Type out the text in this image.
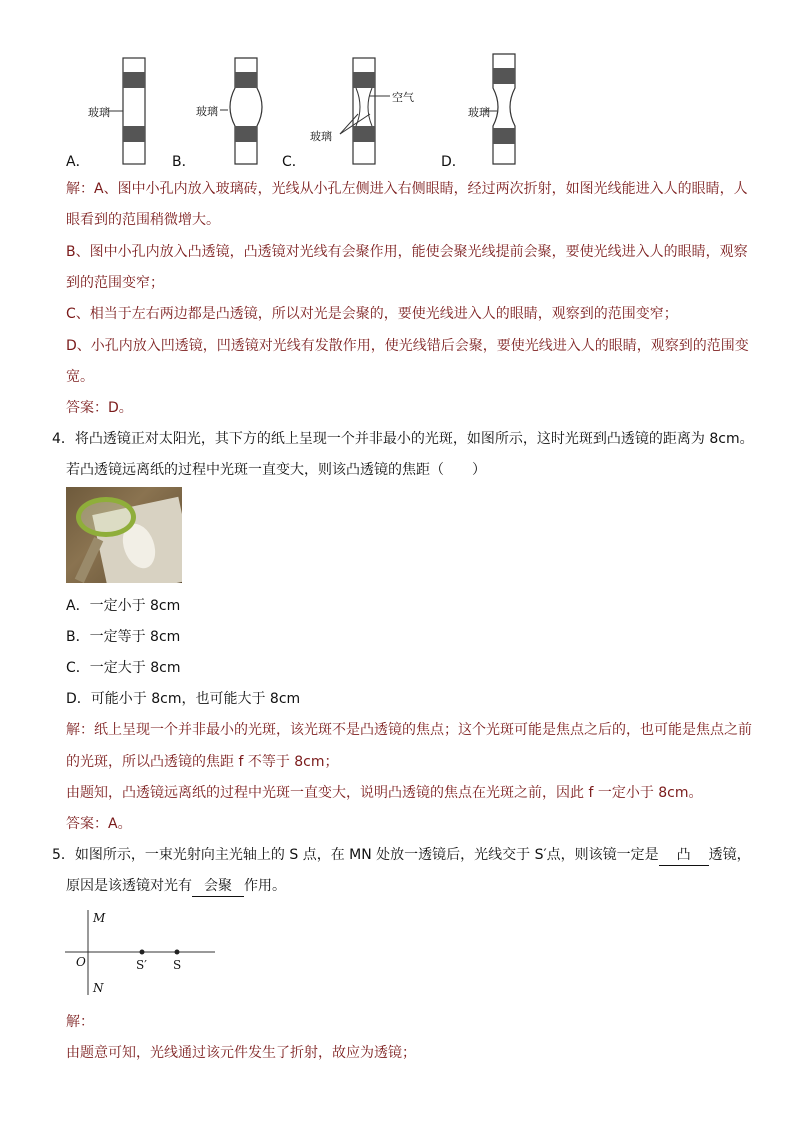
玻璃	玻璃
空气
玻璃
玻璃
A．	B．	C．	D．
解：A、图中小孔内放入玻璃砖，光线从小孔左侧进入右侧眼睛，经过两次折射，如图光线能进入人的眼睛，人
眼看到的范围稍微增大。
B、图中小孔内放入凸透镜，凸透镜对光线有会聚作用，能使会聚光线提前会聚，要使光线进入人的眼睛，观察
到的范围变窄；
C、相当于左右两边都是凸透镜，所以对光是会聚的，要使光线进入人的眼睛，观察到的范围变窄；
D、小孔内放入凹透镜，凹透镜对光线有发散作用，使光线错后会聚，要使光线进入人的眼睛，观察到的范围变
宽。
答案：D。
4．将凸透镜正对太阳光，其下方的纸上呈现一个并非最小的光斑，如图所示，这时光斑到凸透镜的距离为 8cm。
若凸透镜远离纸的过程中光斑一直变大，则该凸透镜的焦距（　　）
A．一定小于 8cm
B．一定等于 8cm
C．一定大于 8cm
D．可能小于 8cm，也可能大于 8cm
解：纸上呈现一个并非最小的光斑，该光斑不是凸透镜的焦点；这个光斑可能是焦点之后的，也可能是焦点之前
的光斑，所以凸透镜的焦距 f 不等于 8cm；
由题知，凸透镜远离纸的过程中光斑一直变大，说明凸透镜的焦点在光斑之前，因此 f 一定小于 8cm。
答案：A。
5．如图所示，一束光射向主光轴上的 S 点，在 MN 处放一透镜后，光线交于 S′点，则该镜一定是 凸 透镜，
原因是该透镜对光有 会聚 作用。
M
N
O	S′ S
解：
由题意可知，光线通过该元件发生了折射，故应为透镜；
